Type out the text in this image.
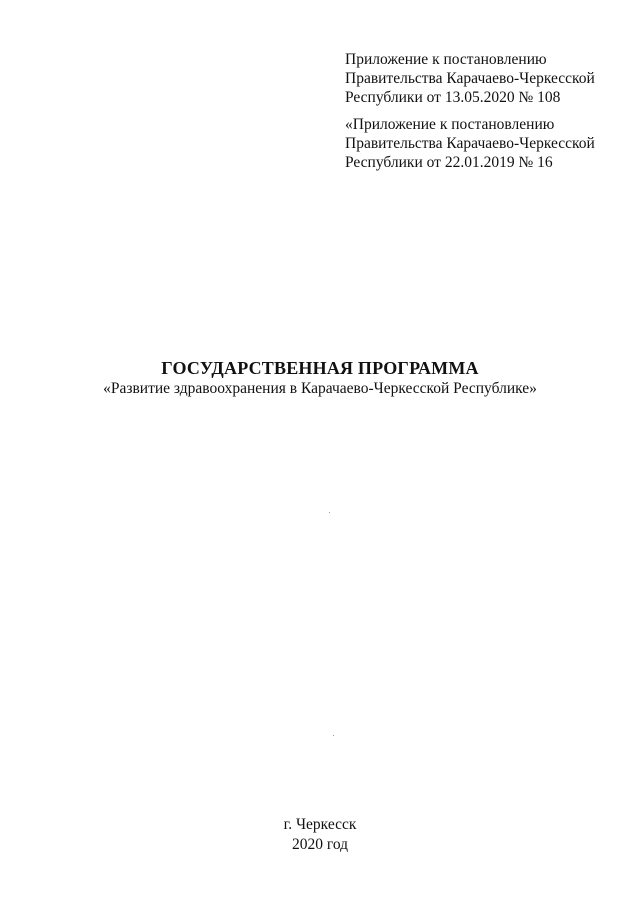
Приложение к постановлению
Правительства Карачаево-Черкесской
Республики от 13.05.2020 № 108
«Приложение к постановлению
Правительства Карачаево-Черкесской
Республики от 22.01.2019 № 16
ГОСУДАРСТВЕННАЯ ПРОГРАММА
«Развитие здравоохранения в Карачаево-Черкесской Республике»
г. Черкесск
2020 год
